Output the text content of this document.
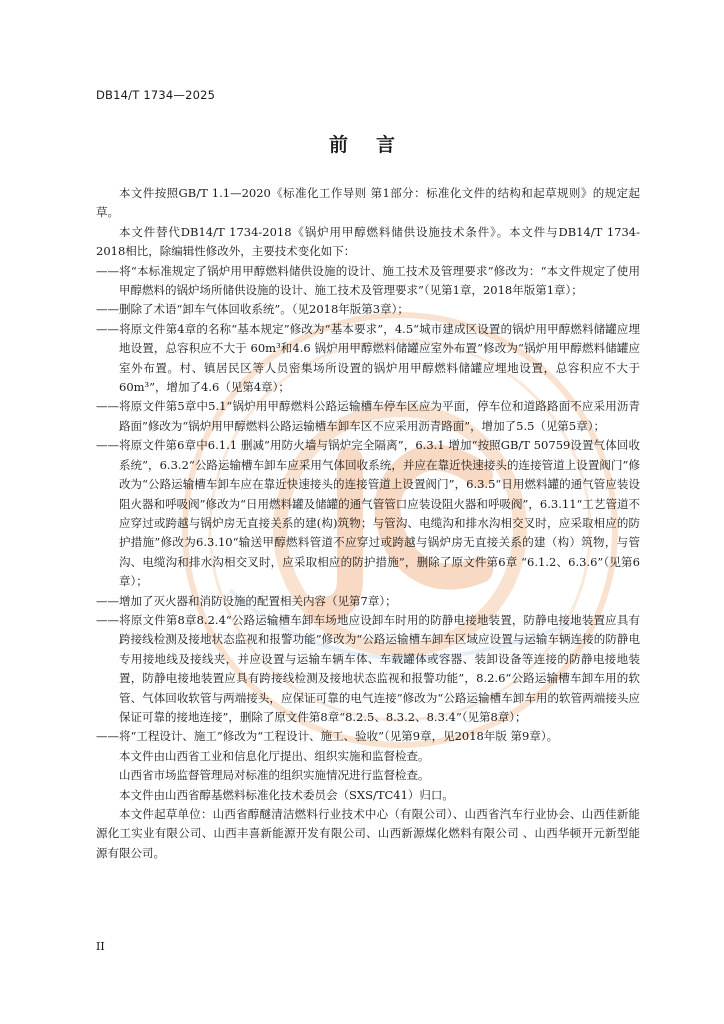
DB14/T 1734—2025
前言

本文件按照GB/T 1.1—2020《标准化工作导则 第1部分：标准化文件的结构和起草规则》的规定起草。

本文件替代DB14/T 1734-2018《锅炉用甲醇燃料储供设施技术条件》。本文件与DB14/T 1734-2018相比，除编辑性修改外，主要技术变化如下：

——将“本标准规定了锅炉用甲醇燃料储供设施的设计、施工技术及管理要求”修改为：“本文件规定了使用甲醇燃料的锅炉场所储供设施的设计、施工技术及管理要求”（见第1章，2018年版第1章）；

——删除了术语“卸车气体回收系统”。（见2018年版第3章）；

——将原文件第4章的名称“基本规定”修改为“基本要求”，4.5“城市建成区设置的锅炉用甲醇燃料储罐应埋地设置，总容积应不大于 60m³和4.6 锅炉用甲醇燃料储罐应室外布置”修改为“锅炉用甲醇燃料储罐应室外布置。村、镇居民区等人员密集场所设置的锅炉用甲醇燃料储罐应埋地设置，总容积应不大于 60m³”，增加了4.6（见第4章）；

——将原文件第5章中5.1“锅炉用甲醇燃料公路运输槽车停车区应为平面，停车位和道路路面不应采用沥青路面”修改为“锅炉用甲醇燃料公路运输槽车卸车区不应采用沥青路面”，增加了5.5（见第5章）；

——将原文件第6章中6.1.1 删减“用防火墙与锅炉完全隔离”，6.3.1 增加“按照GB/T 50759设置气体回收系统”，6.3.2“公路运输槽车卸车应采用气体回收系统，并应在靠近快速接头的连接管道上设置阀门”修改为“公路运输槽车卸车应在靠近快速接头的连接管道上设置阀门”，6.3.5“日用燃料罐的通气管应装设阻火器和呼吸阀”修改为“日用燃料罐及储罐的通气管管口应装设阻火器和呼吸阀”，6.3.11“工艺管道不应穿过或跨越与锅炉房无直接关系的建(构)筑物；与管沟、电缆沟和排水沟相交叉时，应采取相应的防护措施”修改为6.3.10“输送甲醇燃料管道不应穿过或跨越与锅炉房无直接关系的建（构）筑物，与管沟、电缆沟和排水沟相交叉时，应采取相应的防护措施”，删除了原文件第6章 “6.1.2、6.3.6”（见第6章）；

——增加了灭火器和消防设施的配置相关内容（见第7章）；

——将原文件第8章8.2.4“公路运输槽车卸车场地应设卸车时用的防静电接地装置，防静电接地装置应具有跨接线检测及接地状态监视和报警功能”修改为“公路运输槽车卸车区域应设置与运输车辆连接的防静电专用接地线及接线夹，并应设置与运输车辆车体、车载罐体或容器、装卸设备等连接的防静电接地装置，防静电接地装置应具有跨接线检测及接地状态监视和报警功能”，8.2.6“公路运输槽车卸车用的软管、气体回收软管与两端接头，应保证可靠的电气连接”修改为“公路运输槽车卸车用的软管两端接头应保证可靠的接地连接”，删除了原文件第8章“8.2.5、8.3.2、8.3.4”（见第8章）；

——将“工程设计、施工”修改为“工程设计、施工、验收”（见第9章，见2018年版 第9章）。

本文件由山西省工业和信息化厅提出、组织实施和监督检查。

山西省市场监督管理局对标准的组织实施情况进行监督检查。

本文件由山西省醇基燃料标准化技术委员会（SXS/TC41）归口。

本文件起草单位：山西省醇醚清洁燃料行业技术中心（有限公司）、山西省汽车行业协会、山西佳新能源化工实业有限公司、山西丰喜新能源开发有限公司、山西新源煤化燃料有限公司 、山西华顿开元新型能源有限公司。

II
